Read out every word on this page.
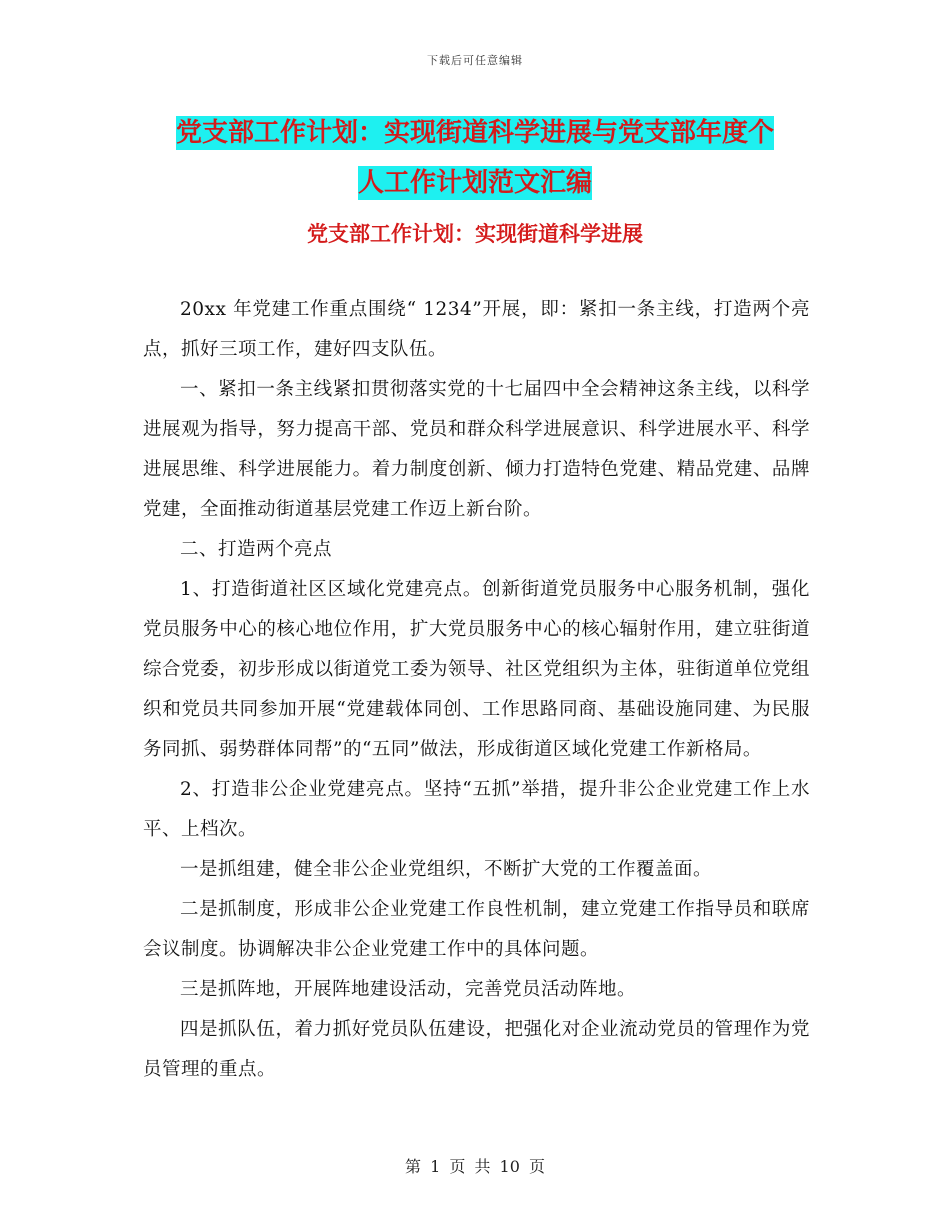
下载后可任意编辑
党支部工作计划：实现街道科学进展与党支部年度个
人工作计划范文汇编
党支部工作计划：实现街道科学进展

20xx 年党建工作重点围绕“ 1234”开展，即：紧扣一条主线，打造两个亮点，抓好三项工作，建好四支队伍。

一、紧扣一条主线紧扣贯彻落实党的十七届四中全会精神这条主线，以科学进展观为指导，努力提高干部、党员和群众科学进展意识、科学进展水平、科学进展思维、科学进展能力。着力制度创新、倾力打造特色党建、精品党建、品牌党建，全面推动街道基层党建工作迈上新台阶。

二、打造两个亮点

1、打造街道社区区域化党建亮点。创新街道党员服务中心服务机制，强化党员服务中心的核心地位作用，扩大党员服务中心的核心辐射作用，建立驻街道综合党委，初步形成以街道党工委为领导、社区党组织为主体，驻街道单位党组织和党员共同参加开展“党建载体同创、工作思路同商、基础设施同建、为民服务同抓、弱势群体同帮”的“五同”做法，形成街道区域化党建工作新格局。

2、打造非公企业党建亮点。坚持“五抓”举措，提升非公企业党建工作上水平、上档次。

一是抓组建，健全非公企业党组织，不断扩大党的工作覆盖面。

二是抓制度，形成非公企业党建工作良性机制，建立党建工作指导员和联席会议制度。协调解决非公企业党建工作中的具体问题。

三是抓阵地，开展阵地建设活动，完善党员活动阵地。

四是抓队伍，着力抓好党员队伍建设，把强化对企业流动党员的管理作为党员管理的重点。

第 1 页 共 10 页
